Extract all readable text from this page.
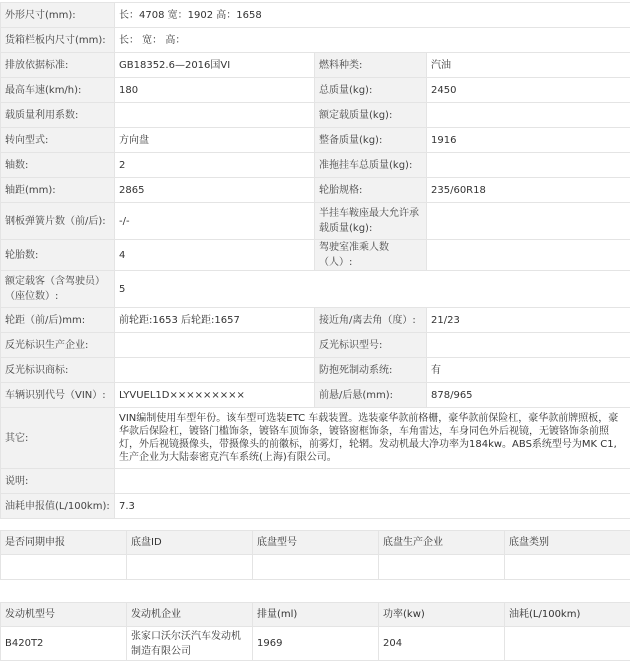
外形尺寸(mm):	长：4708 宽：1902 高：1658		
货箱栏板内尺寸(mm):	长： 宽： 高：		
排放依据标准:	GB18352.6—2016国VI	燃料种类:	汽油
最高车速(km/h):	180	总质量(kg):	2450
载质量利用系数:		额定载质量(kg):	
转向型式:	方向盘	整备质量(kg):	1916
轴数:	2	准拖挂车总质量(kg):	
轴距(mm):	2865	轮胎规格:	235/60R18
钢板弹簧片数（前/后):	-/-	半挂车鞍座最大允许承载质量(kg):	
轮胎数:	4	驾驶室准乘人数（人）:	
额定载客（含驾驶员）（座位数）:	5		
轮距（前/后)mm:	前轮距:1653 后轮距:1657	接近角/离去角（度）:	21/23
反光标识生产企业:		反光标识型号:	
反光标识商标:		防抱死制动系统:	有
车辆识别代号（VIN）:	LYVUEL1D×××××××××	前悬/后悬(mm):	878/965
其它:	VIN编制使用车型年份。该车型可选装ETC 车载装置。选装豪华款前格栅，豪华款前保险杠，豪华款前牌照板，豪华款后保险杠，镀铬门槛饰条，镀铬车顶饰条，镀铬窗框饰条，车角雷达，车身同色外后视镜，无镀铬饰条前照灯，外后视镜摄像头，带摄像头的前徽标，前雾灯，轮辋。发动机最大净功率为184kw。ABS系统型号为MK C1,生产企业为大陆泰密克汽车系统(上海)有限公司。		
说明:			
油耗申报值(L/100km):	7.3		
是否同期申报	底盘ID	底盘型号	底盘生产企业	底盘类别

发动机型号	发动机企业	排量(ml)	功率(kw)	油耗(L/100km)
B420T2	张家口沃尔沃汽车发动机制造有限公司	1969	204	
